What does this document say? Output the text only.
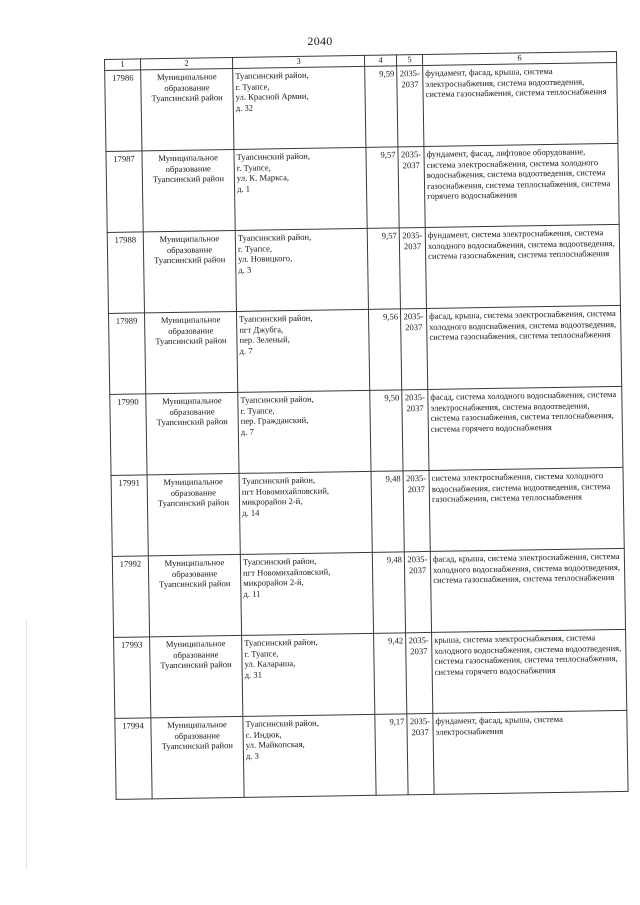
2040
1	2	3	4	5	6
17986	Муниципальное образование Туапсинский район	Туапсинский район,
г. Туапсе,
ул. Красной Армии,
д. 32	9,59	2035-2037	фундамент, фасад, крыша, система электроснабжения, система водоотведения, система газоснабжения, система теплоснабжения
17987	Муниципальное образование Туапсинский район	Туапсинский район,
г. Туапсе,
ул. К. Маркса,
д. 1	9,57	2035-2037	фундамент, фасад, лифтовое оборудование, система электроснабжения, система холодного водоснабжения, система водоотведения, система газоснабжения, система теплоснабжения, система горячего водоснабжения
17988	Муниципальное образование Туапсинский район	Туапсинский район,
г. Туапсе,
ул. Новицкого,
д. 3	9,57	2035-2037	фундамент, система электроснабжения, система холодного водоснабжения, система водоотведения, система газоснабжения, система теплоснабжения
17989	Муниципальное образование Туапсинский район	Туапсинский район,
пгт Джубга,
пер. Зеленый,
д. 7	9,56	2035-2037	фасад, крыша, система электроснабжения, система холодного водоснабжения, система водоотведения, система газоснабжения, система теплоснабжения
17990	Муниципальное образование Туапсинский район	Туапсинский район,
г. Туапсе,
пер. Гражданский,
д. 7	9,50	2035-2037	фасад, система холодного водоснабжения, система электроснабжения, система водоотведения, система газоснабжения, система теплоснабжения, система горячего водоснабжения
17991	Муниципальное образование Туапсинский район	Туапсинский район,
пгт Новомихайловский,
микрорайон 2-й,
д. 14	9,48	2035-2037	система электроснабжения, система холодного водоснабжения, система водоотведения, система газоснабжения, система теплоснабжения
17992	Муниципальное образование Туапсинский район	Туапсинский район,
пгт Новомихайловский,
микрорайон 2-й,
д. 11	9,48	2035-2037	фасад, крыша, система электроснабжения, система холодного водоснабжения, система водоотведения, система газоснабжения, система теплоснабжения
17993	Муниципальное образование Туапсинский район	Туапсинский район,
г. Туапсе,
ул. Калараша,
д. 31	9,42	2035-2037	крыша, система электроснабжения, система холодного водоснабжения, система водоотведения, система газоснабжения, система теплоснабжения, система горячего водоснабжения
17994	Муниципальное образование Туапсинский район	Туапсинский район,
с. Индюк,
ул. Майкопская,
д. 3	9,17	2035-2037	фундамент, фасад, крыша, система электроснабжения
